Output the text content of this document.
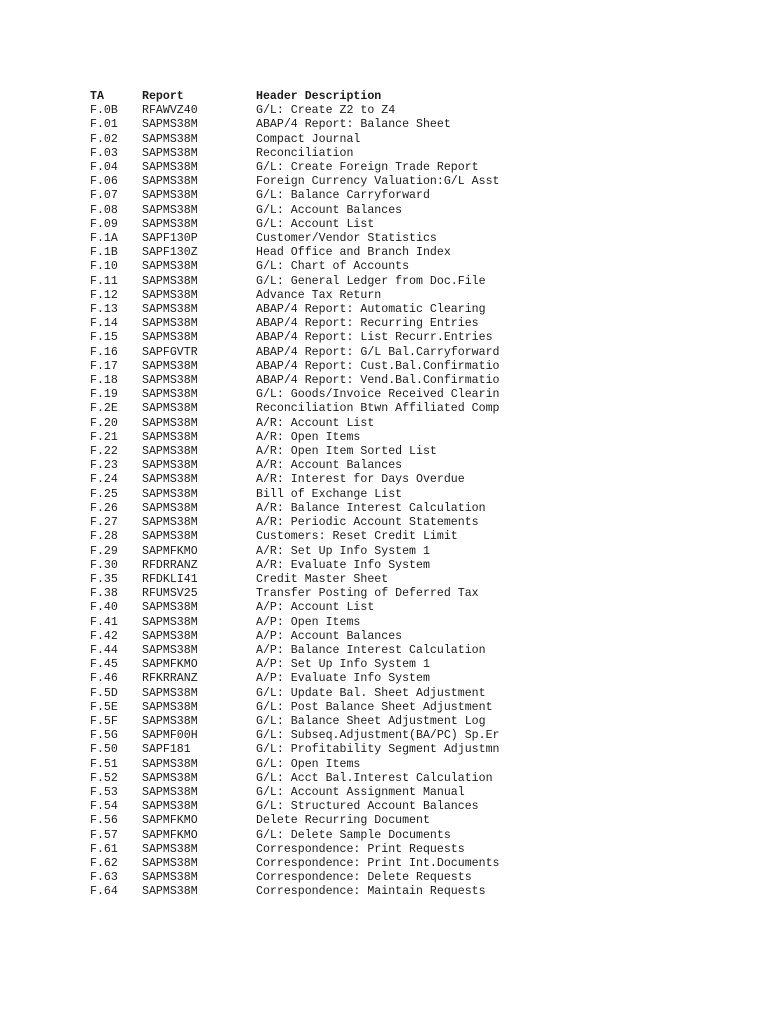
TA	Report	Header Description
F.0B	RFAWVZ40	G/L: Create Z2 to Z4
F.01	SAPMS38M	ABAP/4 Report: Balance Sheet
F.02	SAPMS38M	Compact Journal
F.03	SAPMS38M	Reconciliation
F.04	SAPMS38M	G/L: Create Foreign Trade Report
F.06	SAPMS38M	Foreign Currency Valuation:G/L Asst
F.07	SAPMS38M	G/L: Balance Carryforward
F.08	SAPMS38M	G/L: Account Balances
F.09	SAPMS38M	G/L: Account List
F.1A	SAPF130P	Customer/Vendor Statistics
F.1B	SAPF130Z	Head Office and Branch Index
F.10	SAPMS38M	G/L: Chart of Accounts
F.11	SAPMS38M	G/L: General Ledger from Doc.File
F.12	SAPMS38M	Advance Tax Return
F.13	SAPMS38M	ABAP/4 Report: Automatic Clearing
F.14	SAPMS38M	ABAP/4 Report: Recurring Entries
F.15	SAPMS38M	ABAP/4 Report: List Recurr.Entries
F.16	SAPFGVTR	ABAP/4 Report: G/L Bal.Carryforward
F.17	SAPMS38M	ABAP/4 Report: Cust.Bal.Confirmatio
F.18	SAPMS38M	ABAP/4 Report: Vend.Bal.Confirmatio
F.19	SAPMS38M	G/L: Goods/Invoice Received Clearin
F.2E	SAPMS38M	Reconciliation Btwn Affiliated Comp
F.20	SAPMS38M	A/R: Account List
F.21	SAPMS38M	A/R: Open Items
F.22	SAPMS38M	A/R: Open Item Sorted List
F.23	SAPMS38M	A/R: Account Balances
F.24	SAPMS38M	A/R: Interest for Days Overdue
F.25	SAPMS38M	Bill of Exchange List
F.26	SAPMS38M	A/R: Balance Interest Calculation
F.27	SAPMS38M	A/R: Periodic Account Statements
F.28	SAPMS38M	Customers: Reset Credit Limit
F.29	SAPMFKMO	A/R: Set Up Info System 1
F.30	RFDRRANZ	A/R: Evaluate Info System
F.35	RFDKLI41	Credit Master Sheet
F.38	RFUMSV25	Transfer Posting of Deferred Tax
F.40	SAPMS38M	A/P: Account List
F.41	SAPMS38M	A/P: Open Items
F.42	SAPMS38M	A/P: Account Balances
F.44	SAPMS38M	A/P: Balance Interest Calculation
F.45	SAPMFKMO	A/P: Set Up Info System 1
F.46	RFKRRANZ	A/P: Evaluate Info System
F.5D	SAPMS38M	G/L: Update Bal. Sheet Adjustment
F.5E	SAPMS38M	G/L: Post Balance Sheet Adjustment
F.5F	SAPMS38M	G/L: Balance Sheet Adjustment Log
F.5G	SAPMF00H	G/L: Subseq.Adjustment(BA/PC) Sp.Er
F.50	SAPF181	G/L: Profitability Segment Adjustmn
F.51	SAPMS38M	G/L: Open Items
F.52	SAPMS38M	G/L: Acct Bal.Interest Calculation
F.53	SAPMS38M	G/L: Account Assignment Manual
F.54	SAPMS38M	G/L: Structured Account Balances
F.56	SAPMFKMO	Delete Recurring Document
F.57	SAPMFKMO	G/L: Delete Sample Documents
F.61	SAPMS38M	Correspondence: Print Requests
F.62	SAPMS38M	Correspondence: Print Int.Documents
F.63	SAPMS38M	Correspondence: Delete Requests
F.64	SAPMS38M	Correspondence: Maintain Requests
